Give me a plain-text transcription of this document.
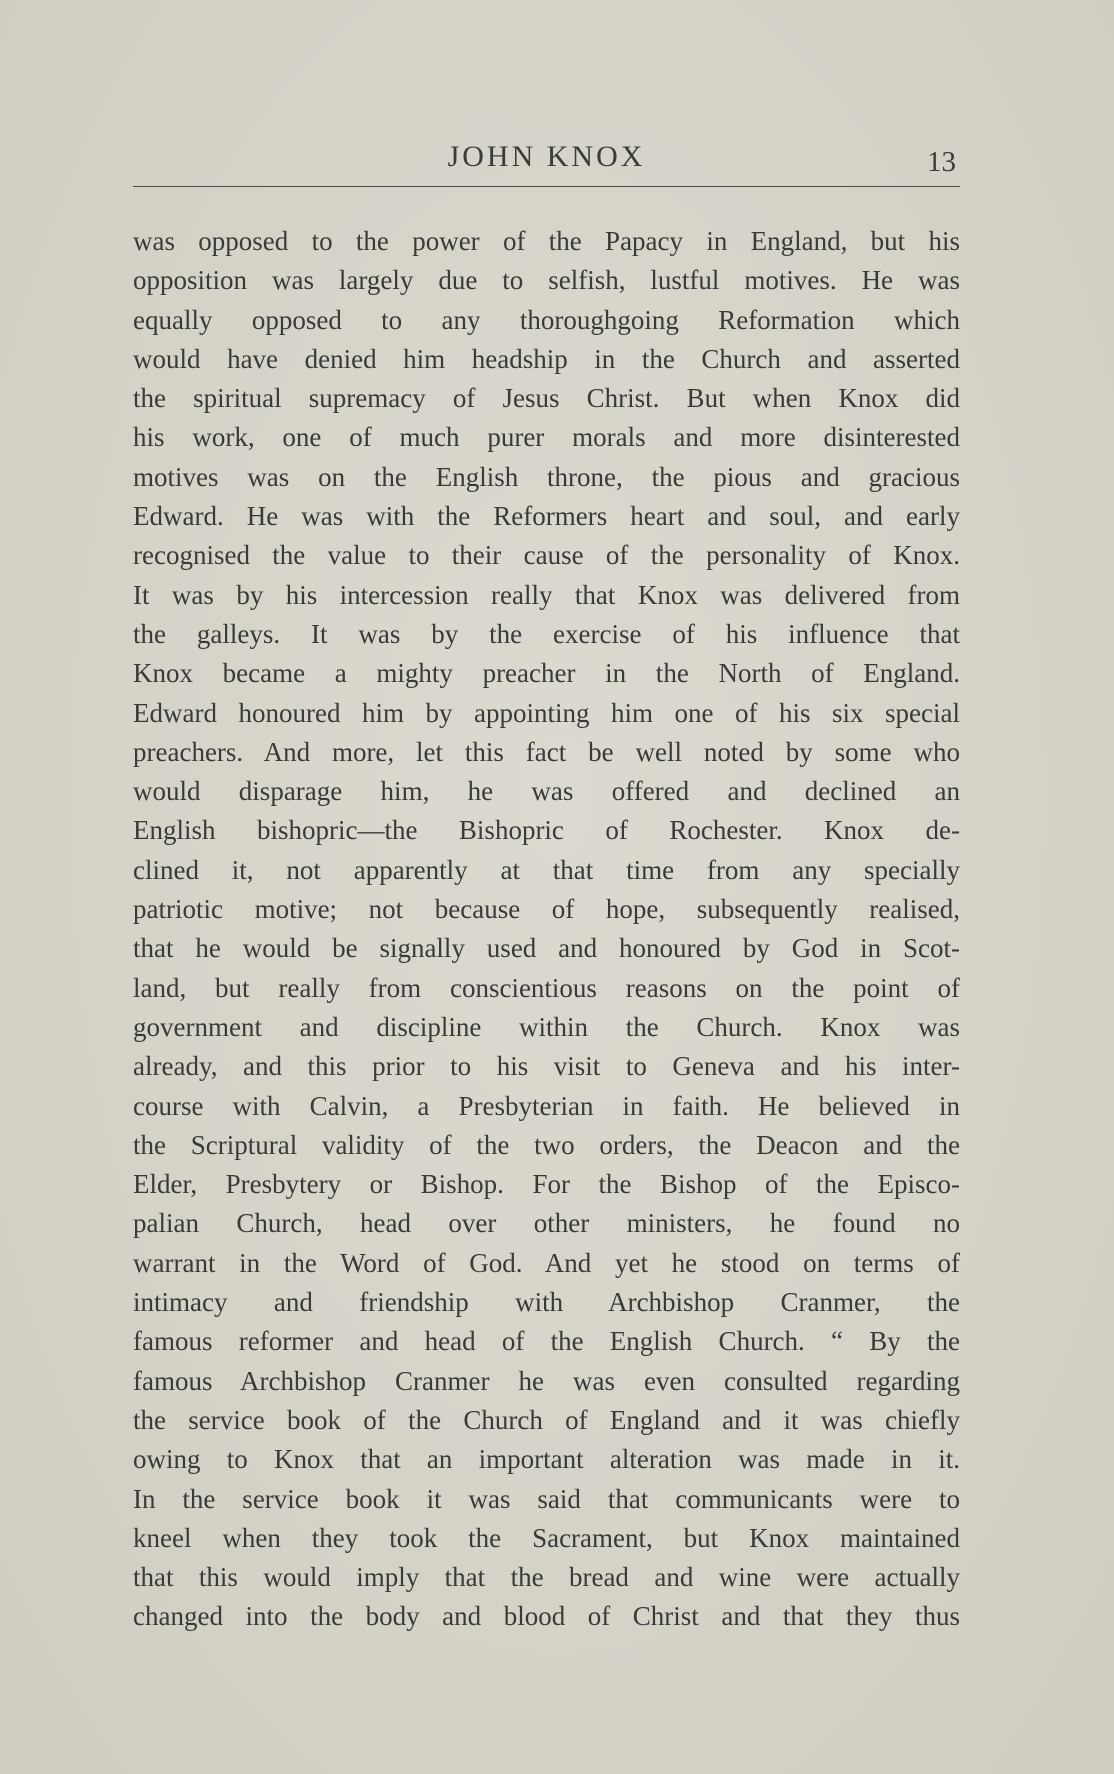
JOHN KNOX	13
was opposed to the power of the Papacy in England, but his
opposition was largely due to selfish, lustful motives. He was
equally opposed to any thoroughgoing Reformation which
would have denied him headship in the Church and asserted
the spiritual supremacy of Jesus Christ. But when Knox did
his work, one of much purer morals and more disinterested
motives was on the English throne, the pious and gracious
Edward. He was with the Reformers heart and soul, and early
recognised the value to their cause of the personality of Knox.
It was by his intercession really that Knox was delivered from
the galleys. It was by the exercise of his influence that
Knox became a mighty preacher in the North of England.
Edward honoured him by appointing him one of his six special
preachers. And more, let this fact be well noted by some who
would disparage him, he was offered and declined an
English bishopric—the Bishopric of Rochester. Knox de-
clined it, not apparently at that time from any specially
patriotic motive; not because of hope, subsequently realised,
that he would be signally used and honoured by God in Scot-
land, but really from conscientious reasons on the point of
government and discipline within the Church. Knox was
already, and this prior to his visit to Geneva and his inter-
course with Calvin, a Presbyterian in faith. He believed in
the Scriptural validity of the two orders, the Deacon and the
Elder, Presbytery or Bishop. For the Bishop of the Episco-
palian Church, head over other ministers, he found no
warrant in the Word of God. And yet he stood on terms of
intimacy and friendship with Archbishop Cranmer, the
famous reformer and head of the English Church. “ By the
famous Archbishop Cranmer he was even consulted regarding
the service book of the Church of England and it was chiefly
owing to Knox that an important alteration was made in it.
In the service book it was said that communicants were to
kneel when they took the Sacrament, but Knox maintained
that this would imply that the bread and wine were actually
changed into the body and blood of Christ and that they thus
